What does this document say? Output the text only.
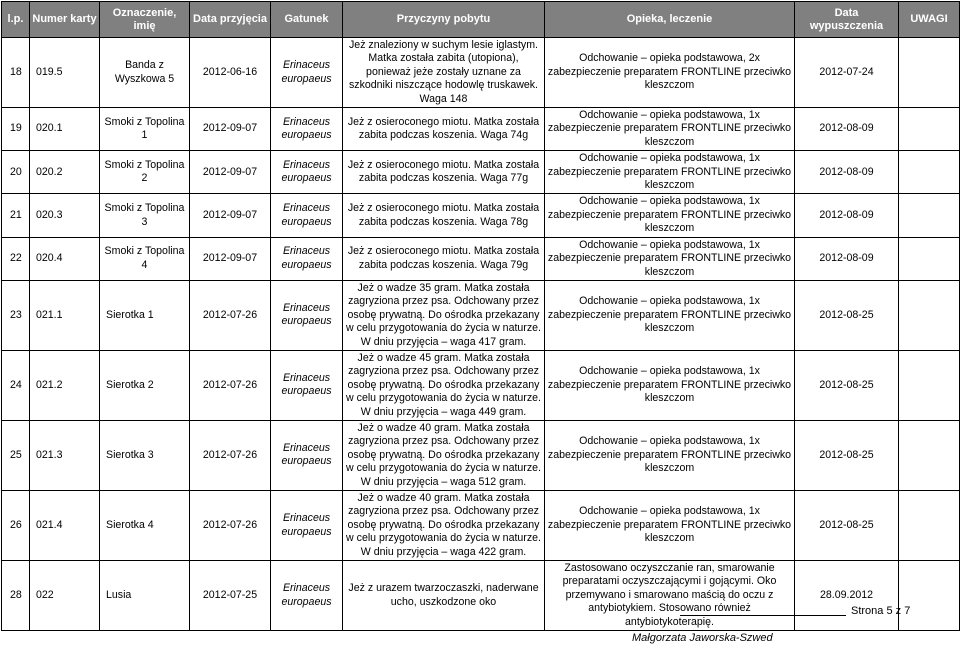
l.p.	Numer karty	Oznaczenie, imię	Data przyjęcia	Gatunek	Przyczyny pobytu	Opieka, leczenie	Data wypuszczenia	UWAGI
18	019.5	Banda z Wyszkowa 5	2012-06-16	Erinaceus europaeus	Jeż znaleziony w suchym lesie iglastym. Matka została zabita (utopiona), ponieważ jeże zostały uznane za szkodniki niszczące hodowlę truskawek. Waga 148	Odchowanie – opieka podstawowa, 2x zabezpieczenie preparatem FRONTLINE przeciwko kleszczom	2012-07-24	
19	020.1	Smoki z Topolina 1	2012-09-07	Erinaceus europaeus	Jeż z osieroconego miotu. Matka została zabita podczas koszenia. Waga 74g	Odchowanie – opieka podstawowa, 1x zabezpieczenie preparatem FRONTLINE przeciwko kleszczom	2012-08-09	
20	020.2	Smoki z Topolina 2	2012-09-07	Erinaceus europaeus	Jeż z osieroconego miotu. Matka została zabita podczas koszenia. Waga 77g	Odchowanie – opieka podstawowa, 1x zabezpieczenie preparatem FRONTLINE przeciwko kleszczom	2012-08-09	
21	020.3	Smoki z Topolina 3	2012-09-07	Erinaceus europaeus	Jeż z osieroconego miotu. Matka została zabita podczas koszenia. Waga 78g	Odchowanie – opieka podstawowa, 1x zabezpieczenie preparatem FRONTLINE przeciwko kleszczom	2012-08-09	
22	020.4	Smoki z Topolina 4	2012-09-07	Erinaceus europaeus	Jeż z osieroconego miotu. Matka została zabita podczas koszenia. Waga 79g	Odchowanie – opieka podstawowa, 1x zabezpieczenie preparatem FRONTLINE przeciwko kleszczom	2012-08-09	
23	021.1	Sierotka 1	2012-07-26	Erinaceus europaeus	Jeż o wadze 35 gram. Matka została zagryziona przez psa. Odchowany przez osobę prywatną. Do ośrodka przekazany w celu przygotowania do życia w naturze. W dniu przyjęcia – waga 417 gram.	Odchowanie – opieka podstawowa, 1x zabezpieczenie preparatem FRONTLINE przeciwko kleszczom	2012-08-25	
24	021.2	Sierotka 2	2012-07-26	Erinaceus europaeus	Jeż o wadze 45 gram. Matka została zagryziona przez psa. Odchowany przez osobę prywatną. Do ośrodka przekazany w celu przygotowania do życia w naturze. W dniu przyjęcia – waga 449 gram.	Odchowanie – opieka podstawowa, 1x zabezpieczenie preparatem FRONTLINE przeciwko kleszczom	2012-08-25	
25	021.3	Sierotka 3	2012-07-26	Erinaceus europaeus	Jeż o wadze 40 gram. Matka została zagryziona przez psa. Odchowany przez osobę prywatną. Do ośrodka przekazany w celu przygotowania do życia w naturze. W dniu przyjęcia – waga 512 gram.	Odchowanie – opieka podstawowa, 1x zabezpieczenie preparatem FRONTLINE przeciwko kleszczom	2012-08-25	
26	021.4	Sierotka 4	2012-07-26	Erinaceus europaeus	Jeż o wadze 40 gram. Matka została zagryziona przez psa. Odchowany przez osobę prywatną. Do ośrodka przekazany w celu przygotowania do życia w naturze. W dniu przyjęcia – waga 422 gram.	Odchowanie – opieka podstawowa, 1x zabezpieczenie preparatem FRONTLINE przeciwko kleszczom	2012-08-25	
28	022	Lusia	2012-07-25	Erinaceus europaeus	Jeż z urazem twarzoczaszki, naderwane ucho, uszkodzone oko	Zastosowano oczyszczanie ran, smarowanie preparatami oczyszczającymi i gojącymi. Oko przemywano i smarowano maścią do oczu z antybiotykiem. Stosowano również antybiotykoterapię.	28.09.2012	
Strona 5 z 7
Małgorzata Jaworska-Szwed
